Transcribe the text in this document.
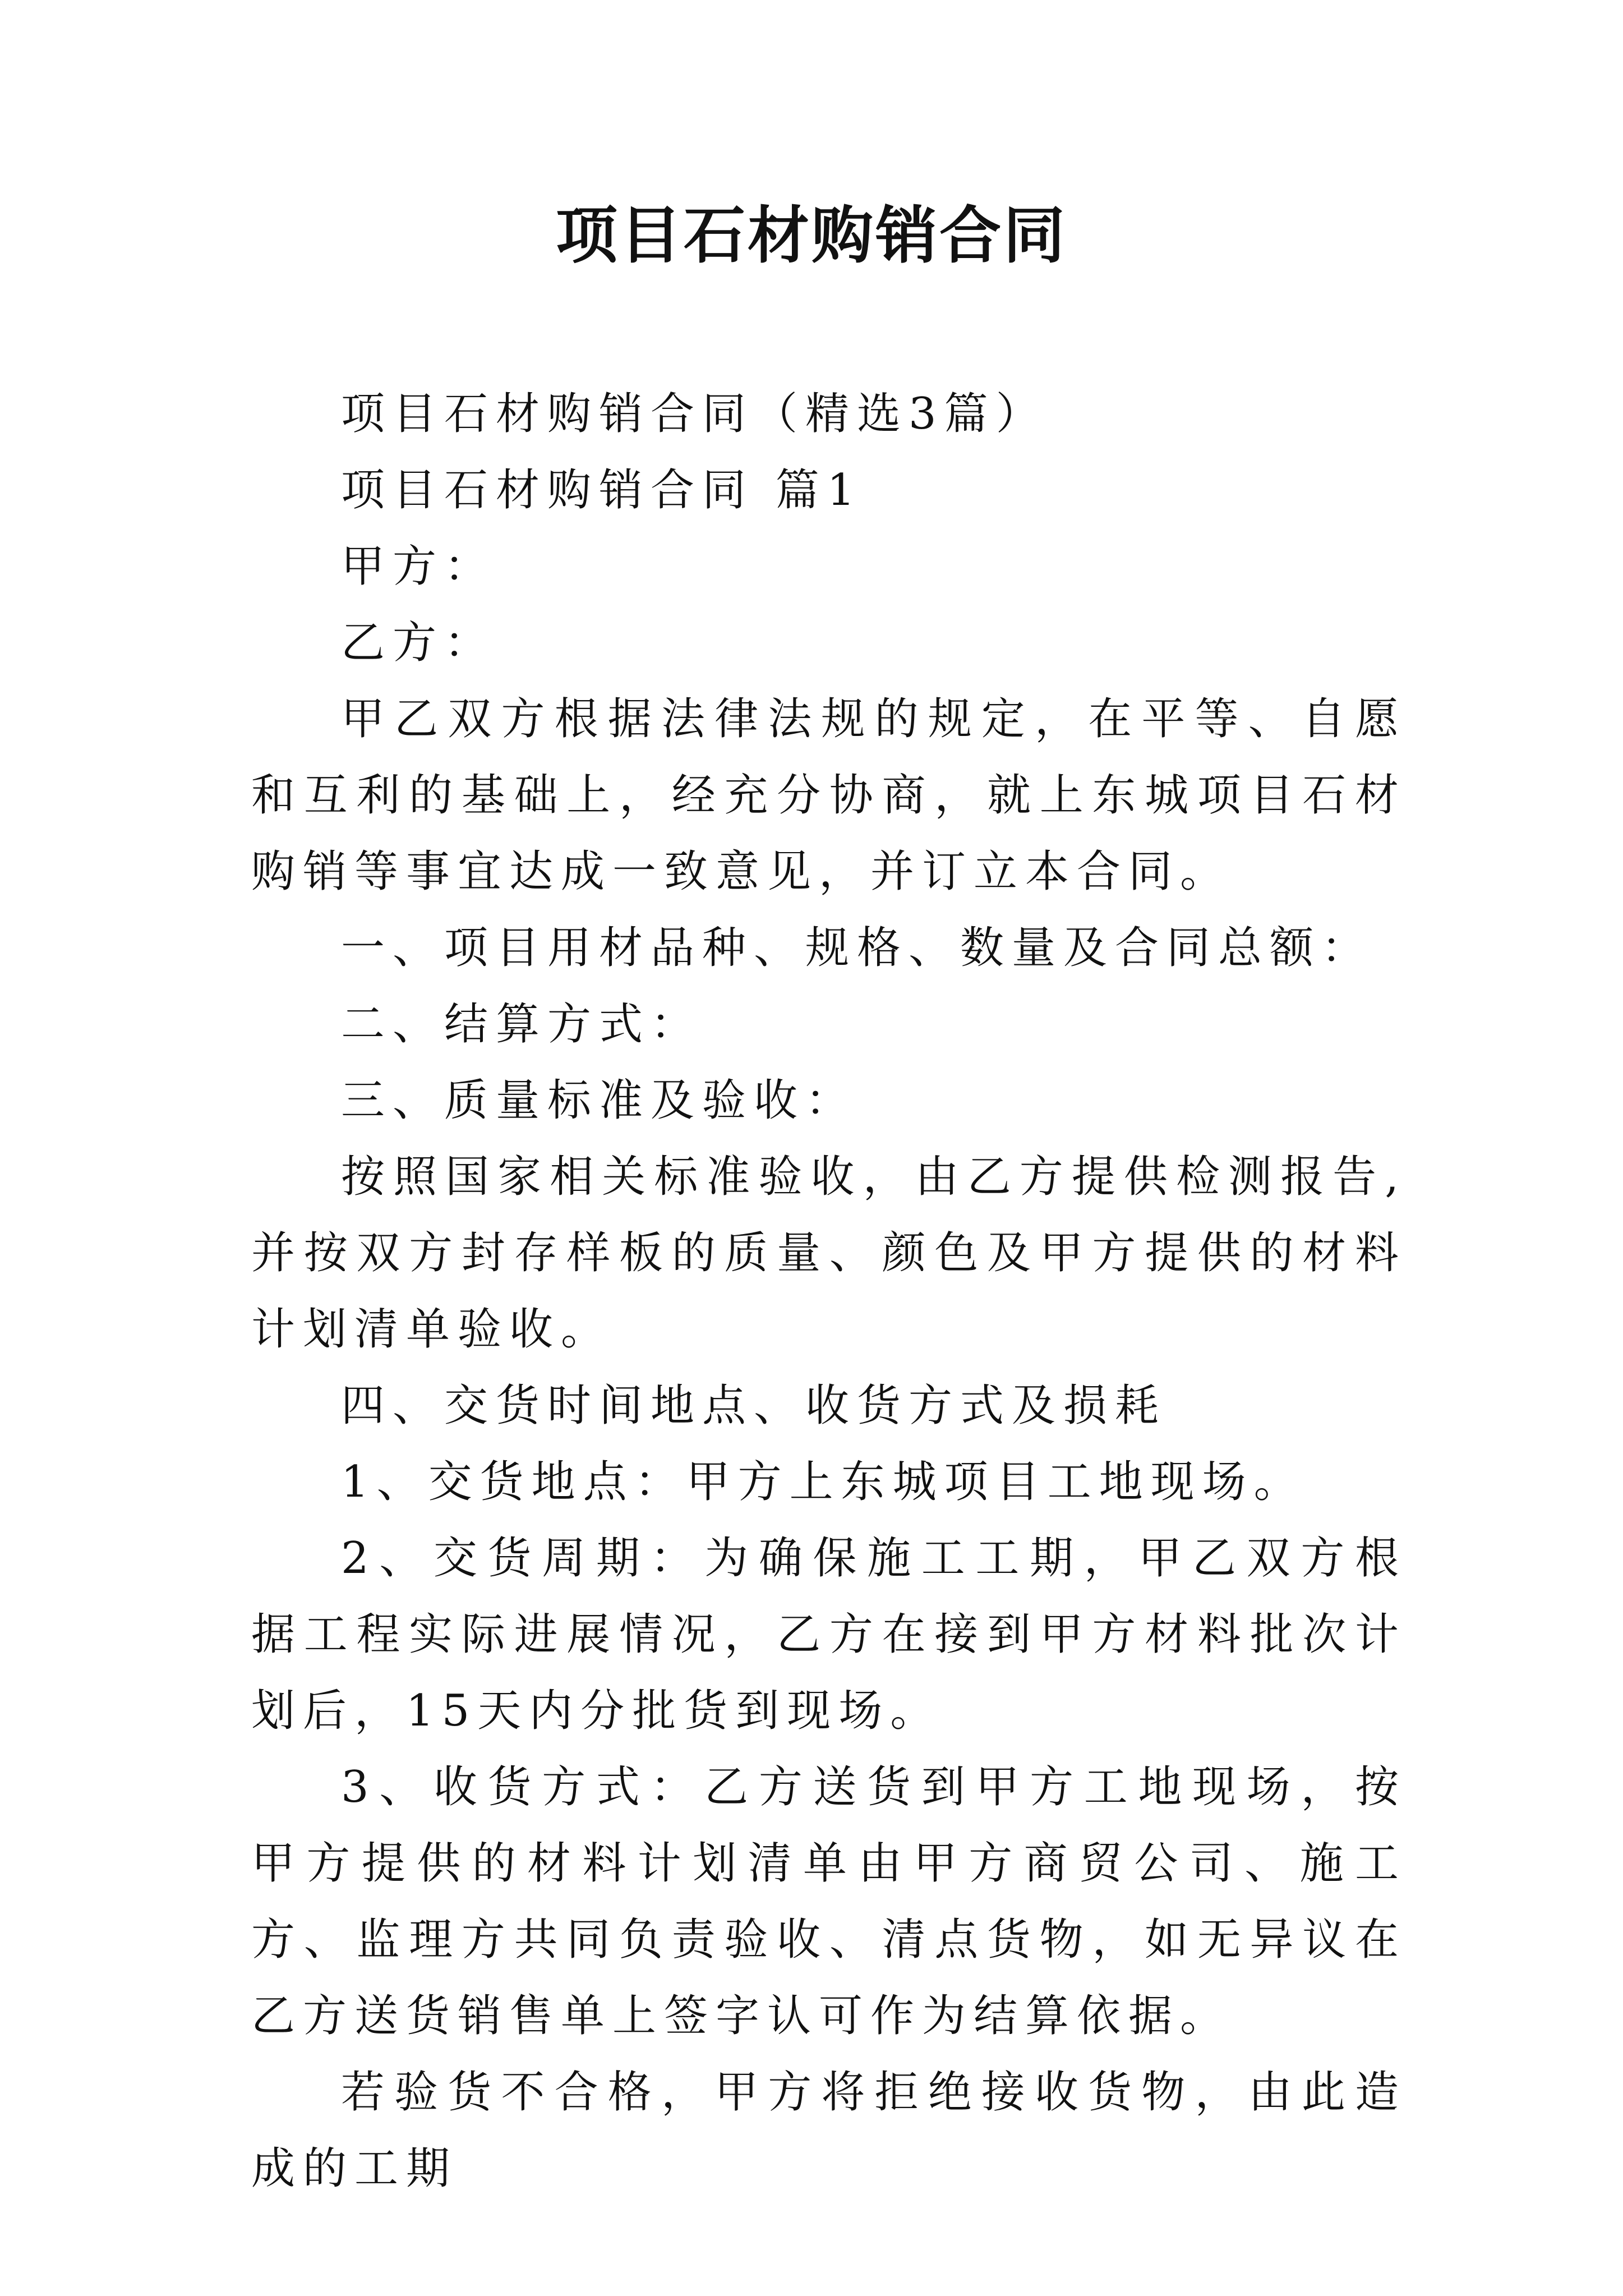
项目石材购销合同

项目石材购销合同（精选3篇）

项目石材购销合同 篇1

甲方：

乙方：

甲乙双方根据法律法规的规定，在平等、自愿和互利的基础上，经充分协商，就上东城项目石材购销等事宜达成一致意见，并订立本合同。

一、项目用材品种、规格、数量及合同总额：

二、结算方式：

三、质量标准及验收：

按照国家相关标准验收，由乙方提供检测报告,并按双方封存样板的质量、颜色及甲方提供的材料计划清单验收。

四、交货时间地点、收货方式及损耗

1、交货地点：甲方上东城项目工地现场。

2、交货周期：为确保施工工期，甲乙双方根据工程实际进展情况，乙方在接到甲方材料批次计划后，15天内分批货到现场。

3、收货方式：乙方送货到甲方工地现场，按甲方提供的材料计划清单由甲方商贸公司、施工方、监理方共同负责验收、清点货物，如无异议在乙方送货销售单上签字认可作为结算依据。

若验货不合格，甲方将拒绝接收货物，由此造成的工期
